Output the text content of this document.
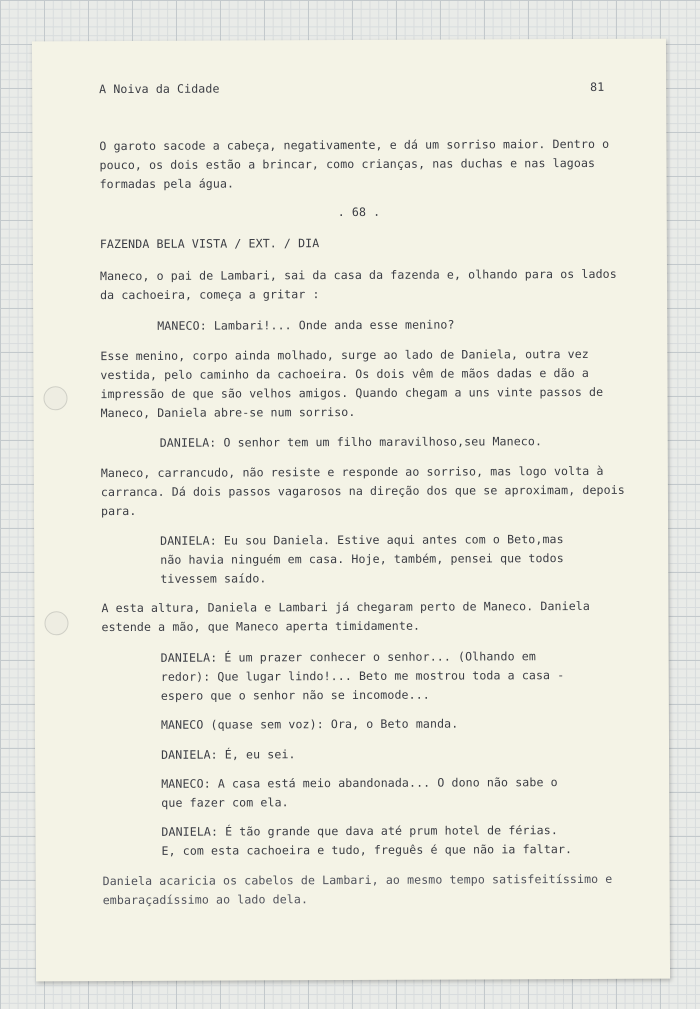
A Noiva da Cidade	81
O garoto sacode a cabeça, negativamente, e dá um sorriso maior. Dentro o
pouco, os dois estão a brincar, como crianças, nas duchas e nas lagoas
formadas pela água.
. 68 .
FAZENDA BELA VISTA / EXT. / DIA
Maneco, o pai de Lambari, sai da casa da fazenda e, olhando para os lados
da cachoeira, começa a gritar :
MANECO: Lambari!... Onde anda esse menino?
Esse menino, corpo ainda molhado, surge ao lado de Daniela, outra vez
vestida, pelo caminho da cachoeira. Os dois vêm de mãos dadas e dão a
impressão de que são velhos amigos. Quando chegam a uns vinte passos de
Maneco, Daniela abre-se num sorriso.
DANIELA: O senhor tem um filho maravilhoso,seu Maneco.
Maneco, carrancudo, não resiste e responde ao sorriso, mas logo volta à
carranca. Dá dois passos vagarosos na direção dos que se aproximam, depois
para.
DANIELA: Eu sou Daniela. Estive aqui antes com o Beto,mas
não havia ninguém em casa. Hoje, também, pensei que todos
tivessem saído.
A esta altura, Daniela e Lambari já chegaram perto de Maneco. Daniela
estende a mão, que Maneco aperta timidamente.
DANIELA: É um prazer conhecer o senhor... (Olhando em
redor): Que lugar lindo!... Beto me mostrou toda a casa -
espero que o senhor não se incomode...
MANECO (quase sem voz): Ora, o Beto manda.
DANIELA: É, eu sei.
MANECO: A casa está meio abandonada... O dono não sabe o
que fazer com ela.
DANIELA: É tão grande que dava até prum hotel de férias.
E, com esta cachoeira e tudo, freguês é que não ia faltar.
Daniela acaricia os cabelos de Lambari, ao mesmo tempo satisfeitíssimo e
embaraçadíssimo ao lado dela.
